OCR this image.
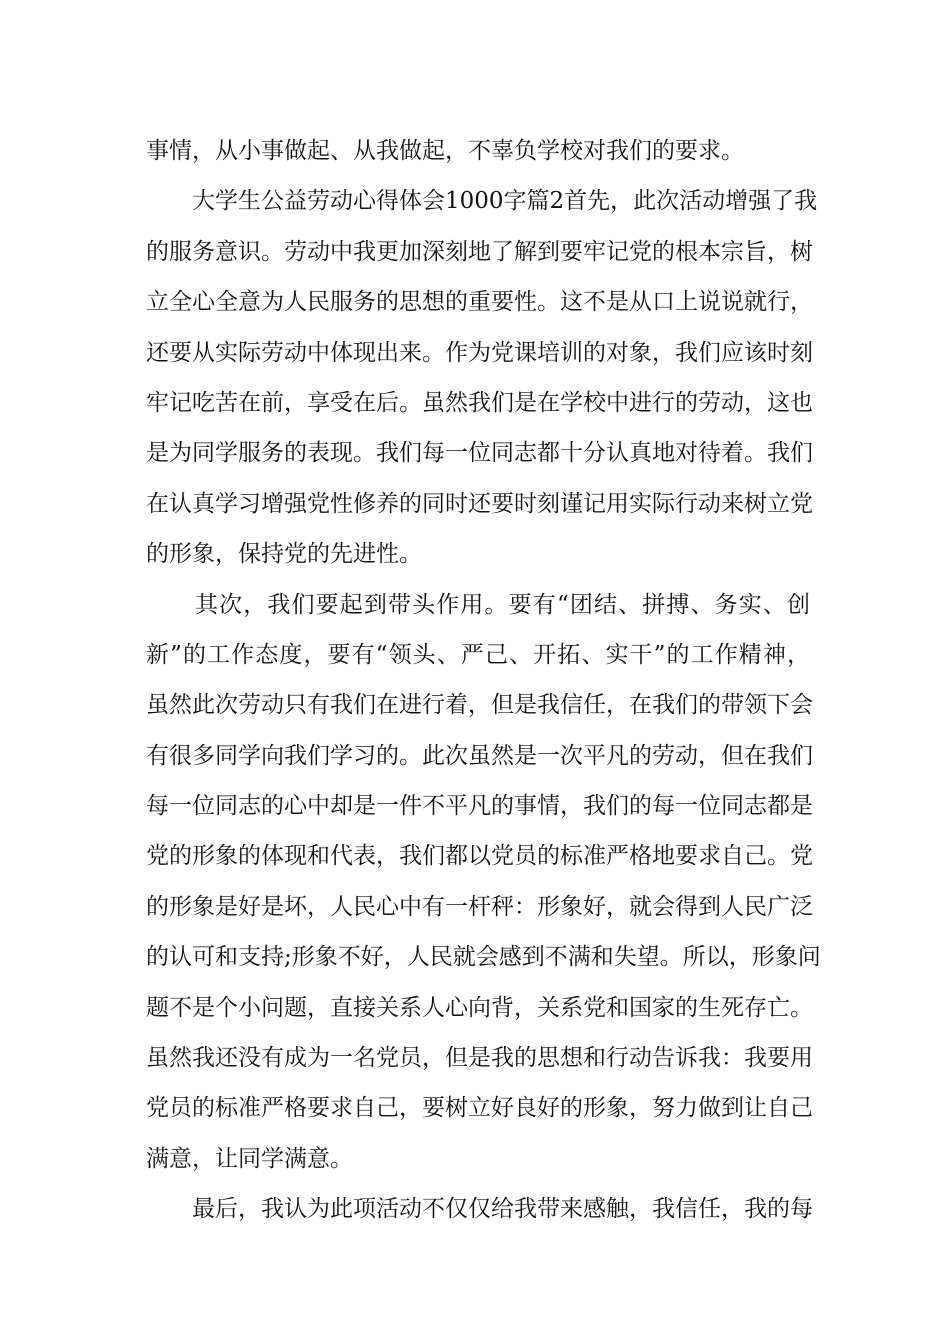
事情，从小事做起、从我做起，不辜负学校对我们的要求。
大学生公益劳动心得体会1000字篇2首先，此次活动增强了我
的服务意识。劳动中我更加深刻地了解到要牢记党的根本宗旨，树
立全心全意为人民服务的思想的重要性。这不是从口上说说就行，
还要从实际劳动中体现出来。作为党课培训的对象，我们应该时刻
牢记吃苦在前，享受在后。虽然我们是在学校中进行的劳动，这也
是为同学服务的表现。我们每一位同志都十分认真地对待着。我们
在认真学习增强党性修养的同时还要时刻谨记用实际行动来树立党
的形象，保持党的先进性。
其次，我们要起到带头作用。要有“团结、拼搏、务实、创
新”的工作态度，要有“领头、严己、开拓、实干”的工作精神，
虽然此次劳动只有我们在进行着，但是我信任，在我们的带领下会
有很多同学向我们学习的。此次虽然是一次平凡的劳动，但在我们
每一位同志的心中却是一件不平凡的事情，我们的每一位同志都是
党的形象的体现和代表，我们都以党员的标准严格地要求自己。党
的形象是好是坏，人民心中有一杆秤：形象好，就会得到人民广泛
的认可和支持;形象不好，人民就会感到不满和失望。所以，形象问
题不是个小问题，直接关系人心向背，关系党和国家的生死存亡。
虽然我还没有成为一名党员，但是我的思想和行动告诉我：我要用
党员的标准严格要求自己，要树立好良好的形象，努力做到让自己
满意，让同学满意。
最后，我认为此项活动不仅仅给我带来感触，我信任，我的每
